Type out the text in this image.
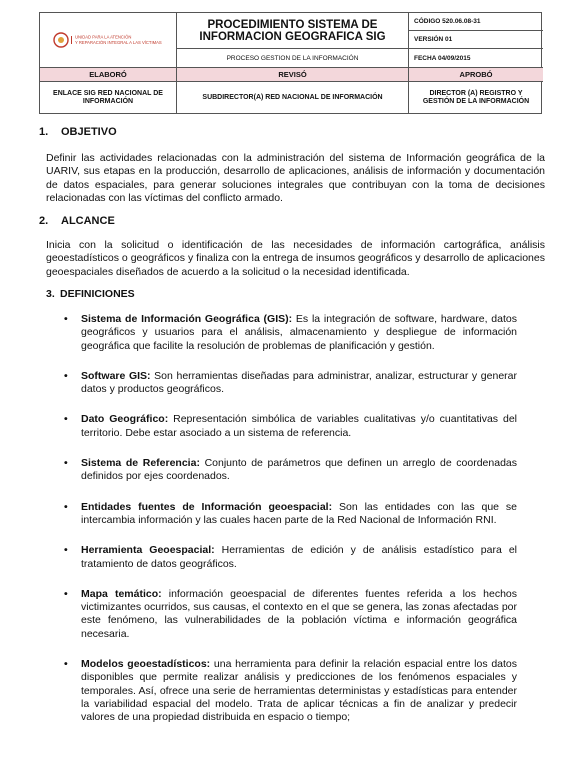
UNIDAD PARA LA ATENCIÓN
Y REPARACIÓN INTEGRAL A LAS VÍCTIMAS
PROCEDIMIENTO SISTEMA DE INFORMACION GEOGRAFICA SIG
PROCESO GESTION DE LA INFORMACIÓN
CÓDIGO 520.06.08-31
VERSIÓN 01
FECHA 04/09/2015
ELABORÓ	REVISÓ	APROBÓ
ENLACE SIG RED NACIONAL DE INFORMACIÓN
SUBDIRECTOR(A) RED NACIONAL DE INFORMACIÓN
DIRECTOR (A) REGISTRO Y GESTIÓN DE LA INFORMACIÓN
1. OBJETIVO
Definir las actividades relacionadas con la administración del sistema de Información geográfica de la UARIV, sus etapas en la producción, desarrollo de aplicaciones, análisis de información y documentación de datos espaciales, para generar soluciones integrales que contribuyan con la toma de decisiones relacionadas con las víctimas del conflicto armado.
2. ALCANCE
Inicia con la solicitud o identificación de las necesidades de información cartográfica, análisis geoestadísticos o geográficos y finaliza con la entrega de insumos geográficos y desarrollo de aplicaciones geoespaciales diseñados de acuerdo a la solicitud o la necesidad identificada.
3. DEFINICIONES
• Sistema de Información Geográfica (GIS): Es la integración de software, hardware, datos geográficos y usuarios para el análisis, almacenamiento y despliegue de información geográfica que facilite la resolución de problemas de planificación y gestión.
• Software GIS: Son herramientas diseñadas para administrar, analizar, estructurar y generar datos y productos geográficos.
• Dato Geográfico: Representación simbólica de variables cualitativas y/o cuantitativas del territorio. Debe estar asociado a un sistema de referencia.
• Sistema de Referencia: Conjunto de parámetros que definen un arreglo de coordenadas definidos por ejes coordenados.
• Entidades fuentes de Información geoespacial: Son las entidades con las que se intercambia información y las cuales hacen parte de la Red Nacional de Información RNI.
• Herramienta Geoespacial: Herramientas de edición y de análisis estadístico para el tratamiento de datos geográficos.
• Mapa temático: información geoespacial de diferentes fuentes referida a los hechos victimizantes ocurridos, sus causas, el contexto en el que se genera, las zonas afectadas por este fenómeno, las vulnerabilidades de la población víctima e información geográfica necesaria.
• Modelos geoestadísticos: una herramienta para definir la relación espacial entre los datos disponibles que permite realizar análisis y predicciones de los fenómenos espaciales y temporales. Así, ofrece una serie de herramientas deterministas y estadísticas para entender la variabilidad espacial del modelo. Trata de aplicar técnicas a fin de analizar y predecir valores de una propiedad distribuida en espacio o tiempo;
